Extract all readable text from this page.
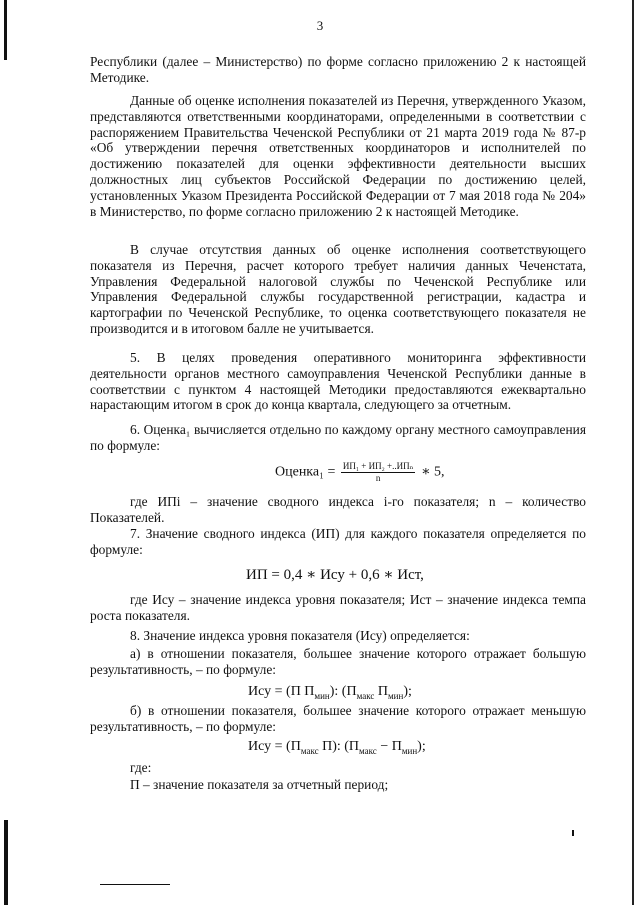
3
Республики (далее – Министерство) по форме согласно приложению 2 к настоящей Методике.
Данные об оценке исполнения показателей из Перечня, утвержденного Указом, представляются ответственными координаторами, определенными в соответствии с распоряжением Правительства Чеченской Республики от 21 марта 2019 года № 87-р «Об утверждении перечня ответственных координаторов и исполнителей по достижению показателей для оценки эффективности деятельности высших должностных лиц субъектов Российской Федерации по достижению целей, установленных Указом Президента Российской Федерации от 7 мая 2018 года № 204» в Министерство, по форме согласно приложению 2 к настоящей Методике.
В случае отсутствия данных об оценке исполнения соответствующего показателя из Перечня, расчет которого требует наличия данных Чеченстата, Управления Федеральной налоговой службы по Чеченской Республике или Управления Федеральной службы государственной регистрации, кадастра и картографии по Чеченской Республике, то оценка соответствующего показателя не производится и в итоговом балле не учитывается.
5. В целях проведения оперативного мониторинга эффективности деятельности органов местного самоуправления Чеченской Республики данные в соответствии с пунктом 4 настоящей Методики предоставляются ежеквартально нарастающим итогом в срок до конца квартала, следующего за отчетным.
6. Оценка₁ вычисляется отдельно по каждому органу местного самоуправления по формуле:
Оценка₁ = $\frac{\text{ИП₁ + ИП₂ +..ИПₙ}}{n}$ ∗ 5,
где ИПі – значение сводного индекса і-го показателя; n – количество Показателей.
7. Значение сводного индекса (ИП) для каждого показателя определяется по формуле:
ИП = 0,4 ∗ Ису + 0,6 ∗ Ист,
где Ису – значение индекса уровня показателя; Ист – значение индекса темпа роста показателя.
8. Значение индекса уровня показателя (Ису) определяется:
а) в отношении показателя, большее значение которого отражает большую результативность, – по формуле:
Ису = (П $П_{мин}$): ($П_{макс}$ $П_{мин}$);
б) в отношении показателя, большее значение которого отражает меньшую результативность, – по формуле:
Ису = ($П_{макс}$ П): $(П_{макс} - П_{мин})$;
где:
П – значение показателя за отчетный период;
